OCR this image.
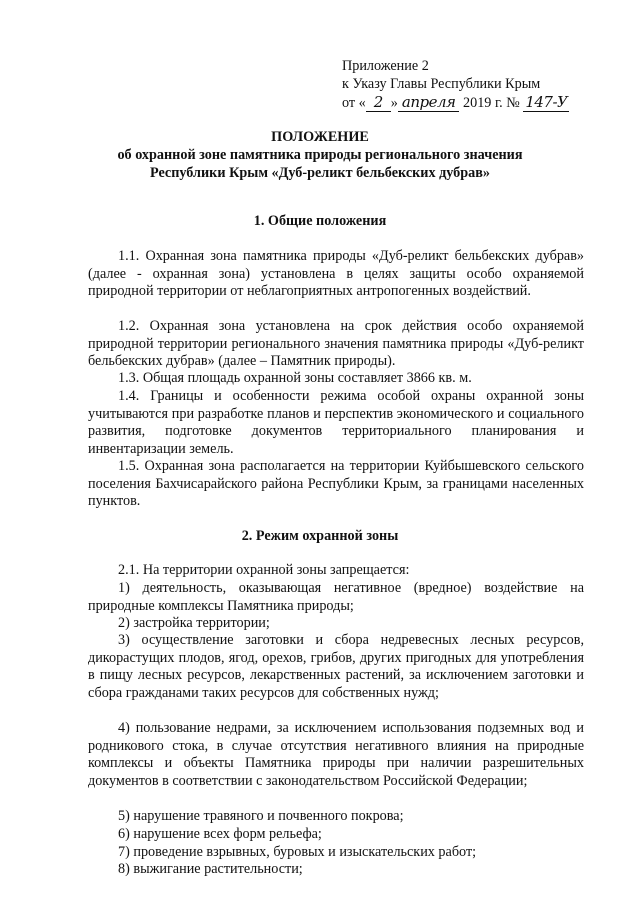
Приложение 2
к Указу Главы Республики Крым
от « 2 » апреля 2019 г. № 147-У
ПОЛОЖЕНИЕ
об охранной зоне памятника природы регионального значения
Республики Крым «Дуб-реликт бельбекских дубрав»
1. Общие положения

1.1. Охранная зона памятника природы «Дуб-реликт бельбекских дубрав» (далее - охранная зона) установлена в целях защиты особо охраняемой природной территории от неблагоприятных антропогенных воздействий.

1.2. Охранная зона установлена на срок действия особо охраняемой природной территории регионального значения памятника природы «Дуб-реликт бельбекских дубрав» (далее – Памятник природы).

1.3. Общая площадь охранной зоны составляет 3866 кв. м.

1.4. Границы и особенности режима особой охраны охранной зоны учитываются при разработке планов и перспектив экономического и социального развития, подготовке документов территориального планирования и инвентаризации земель.

1.5. Охранная зона располагается на территории Куйбышевского сельского поселения Бахчисарайского района Республики Крым, за границами населенных пунктов.

2. Режим охранной зоны

2.1. На территории охранной зоны запрещается:

1) деятельность, оказывающая негативное (вредное) воздействие на природные комплексы Памятника природы;

2) застройка территории;

3) осуществление заготовки и сбора недревесных лесных ресурсов, дикорастущих плодов, ягод, орехов, грибов, других пригодных для употребления в пищу лесных ресурсов, лекарственных растений, за исключением заготовки и сбора гражданами таких ресурсов для собственных нужд;

4) пользование недрами, за исключением использования подземных вод и родникового стока, в случае отсутствия негативного влияния на природные комплексы и объекты Памятника природы при наличии разрешительных документов в соответствии с законодательством Российской Федерации;

5) нарушение травяного и почвенного покрова;

6) нарушение всех форм рельефа;

7) проведение взрывных, буровых и изыскательских работ;

8) выжигание растительности;
